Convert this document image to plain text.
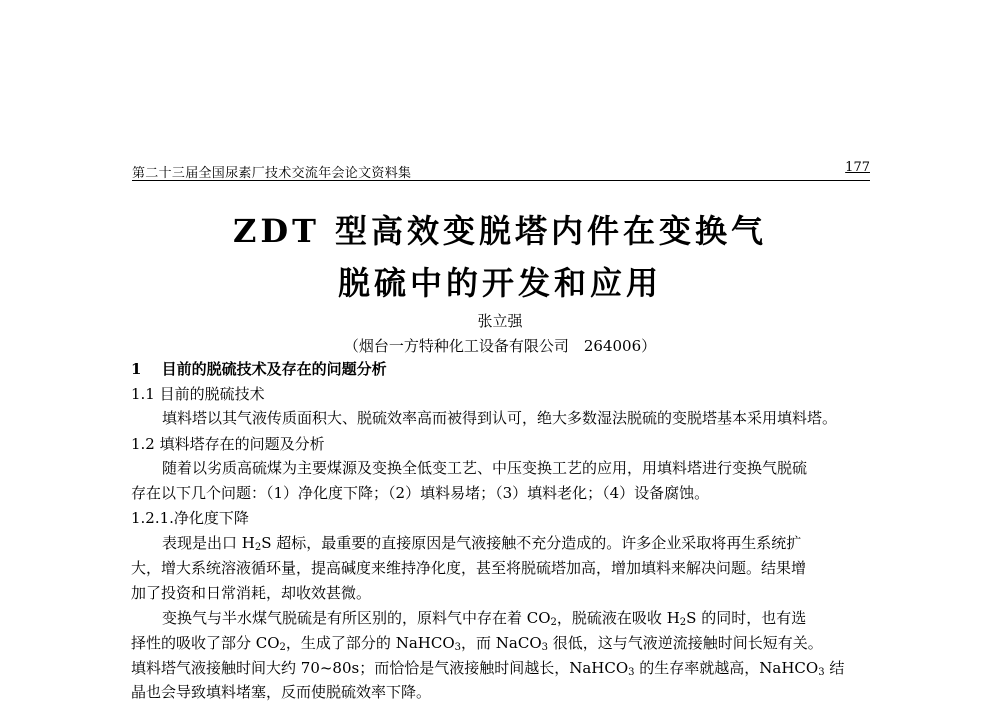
第二十三届全国尿素厂技术交流年会论文资料集	177
ZDT 型高效变脱塔内件在变换气
脱硫中的开发和应用
张立强
（烟台一方特种化工设备有限公司　264006）
1　 目前的脱硫技术及存在的问题分析
1.1 目前的脱硫技术
填料塔以其气液传质面积大、脱硫效率高而被得到认可，绝大多数湿法脱硫的变脱塔基本采用填料塔。
1.2 填料塔存在的问题及分析
随着以劣质高硫煤为主要煤源及变换全低变工艺、中压变换工艺的应用，用填料塔进行变换气脱硫
存在以下几个问题：（1）净化度下降；（2）填料易堵；（3）填料老化；（4）设备腐蚀。
1.2.1.净化度下降
表现是出口 $H_2S$ 超标，最重要的直接原因是气液接触不充分造成的。许多企业采取将再生系统扩
大，增大系统溶液循环量，提高碱度来维持净化度，甚至将脱硫塔加高，增加填料来解决问题。结果增
加了投资和日常消耗，却收效甚微。
变换气与半水煤气脱硫是有所区别的，原料气中存在着 $CO_2$，脱硫液在吸收 $H_2S$ 的同时，也有选
择性的吸收了部分 $CO_2$，生成了部分的 NaHCO$_3$，而 NaCO$_3$ 很低，这与气液逆流接触时间长短有关。
填料塔气液接触时间大约 70~80s；而恰恰是气液接触时间越长，NaHCO$_3$ 的生存率就越高，NaHCO$_3$ 结
晶也会导致填料堵塞，反而使脱硫效率下降。
